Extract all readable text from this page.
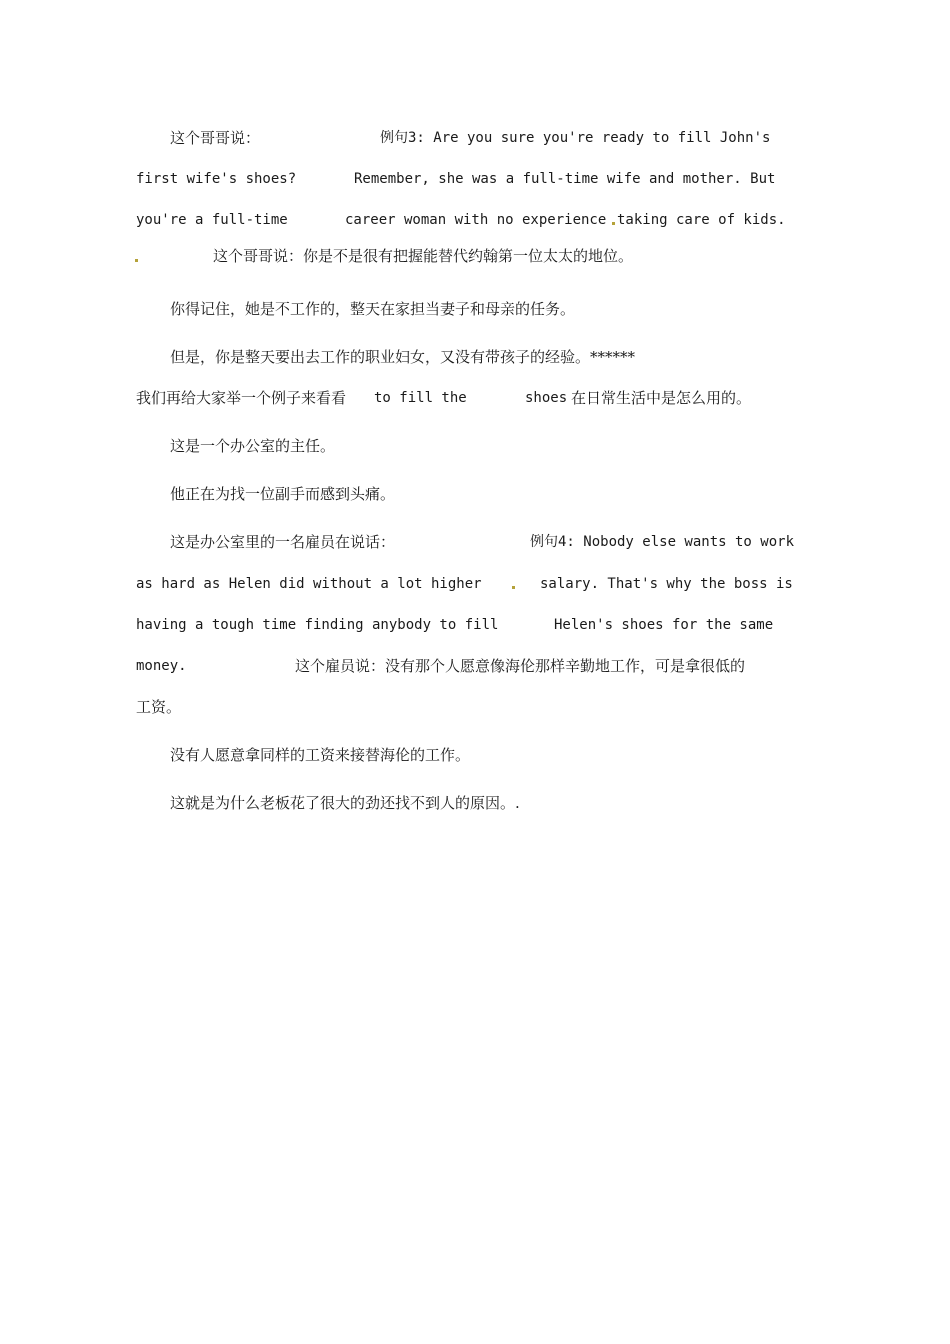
这个哥哥说：	例句3: Are you sure you're ready to fill John's
first wife's shoes?	Remember, she was a full-time wife and mother. But
you're a full-time	career woman with no experience taking care of kids.
这个哥哥说：你是不是很有把握能替代约翰第一位太太的地位。
你得记住，她是不工作的，整天在家担当妻子和母亲的任务。
但是，你是整天要出去工作的职业妇女，又没有带孩子的经验。******
我们再给大家举一个例子来看看 to fill the	shoes 在日常生活中是怎么用的。
这是一个办公室的主任。
他正在为找一位副手而感到头痛。
这是办公室里的一名雇员在说话：	例句4: Nobody else wants to work
as hard as Helen did without a lot higher	salary. That's why the boss is
having a tough time finding anybody to fill	Helen's shoes for the same
money.	这个雇员说：没有那个人愿意像海伦那样辛勤地工作，可是拿很低的
工资。
没有人愿意拿同样的工资来接替海伦的工作。
这就是为什么老板花了很大的劲还找不到人的原因。.
